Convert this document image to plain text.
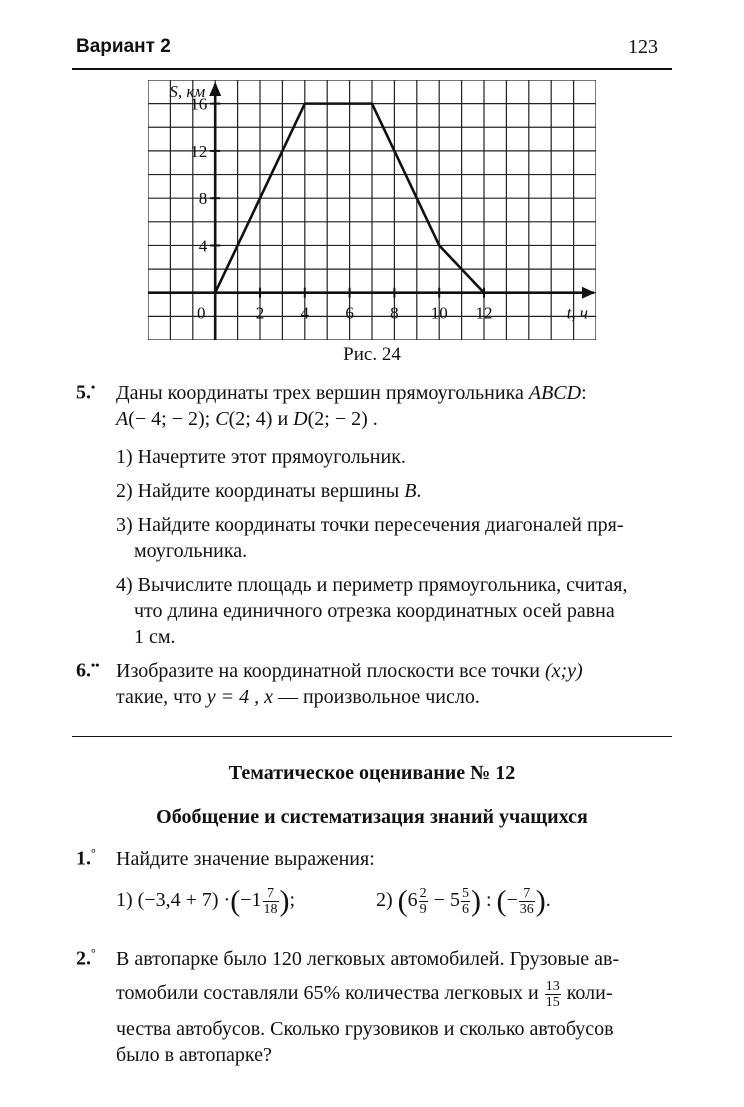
Вариант 2	123
0	2 4 6 8 10 12
4
8
12
16
S, км
t, ч
Рис. 24
5.• Даны координаты трех вершин прямоугольника ABCD:
A(− 4; − 2); C(2; 4) и D(2; − 2) .
1) Начертите этот прямоугольник.
2) Найдите координаты вершины B.
3) Найдите координаты точки пересечения диагоналей пря-
моугольника.
4) Вычислите площадь и периметр прямоугольника, считая,
что длина единичного отрезка координатных осей равна
1 см.
6.•• Изобразите на координатной плоскости все точки (x;y)
такие, что y = 4 , x — произвольное число.
Тематическое оценивание № 12
Обобщение и систематизация знаний учащихся
1.° Найдите значение выражения:
1) $(-3,4 + 7) \cdot(-1 \frac{7}{18}$ );	2) ($6 \frac{2}{9} - 5 \frac{5}{6}$ ) : (− $\frac{7}{36}$ ).
2.° В автопарке было 120 легковых автомобилей. Грузовые ав-
томобили составляли 65% количества легковых и $\frac{13}{15}$ коли-
чества автобусов. Сколько грузовиков и сколько автобусов
было в автопарке?
